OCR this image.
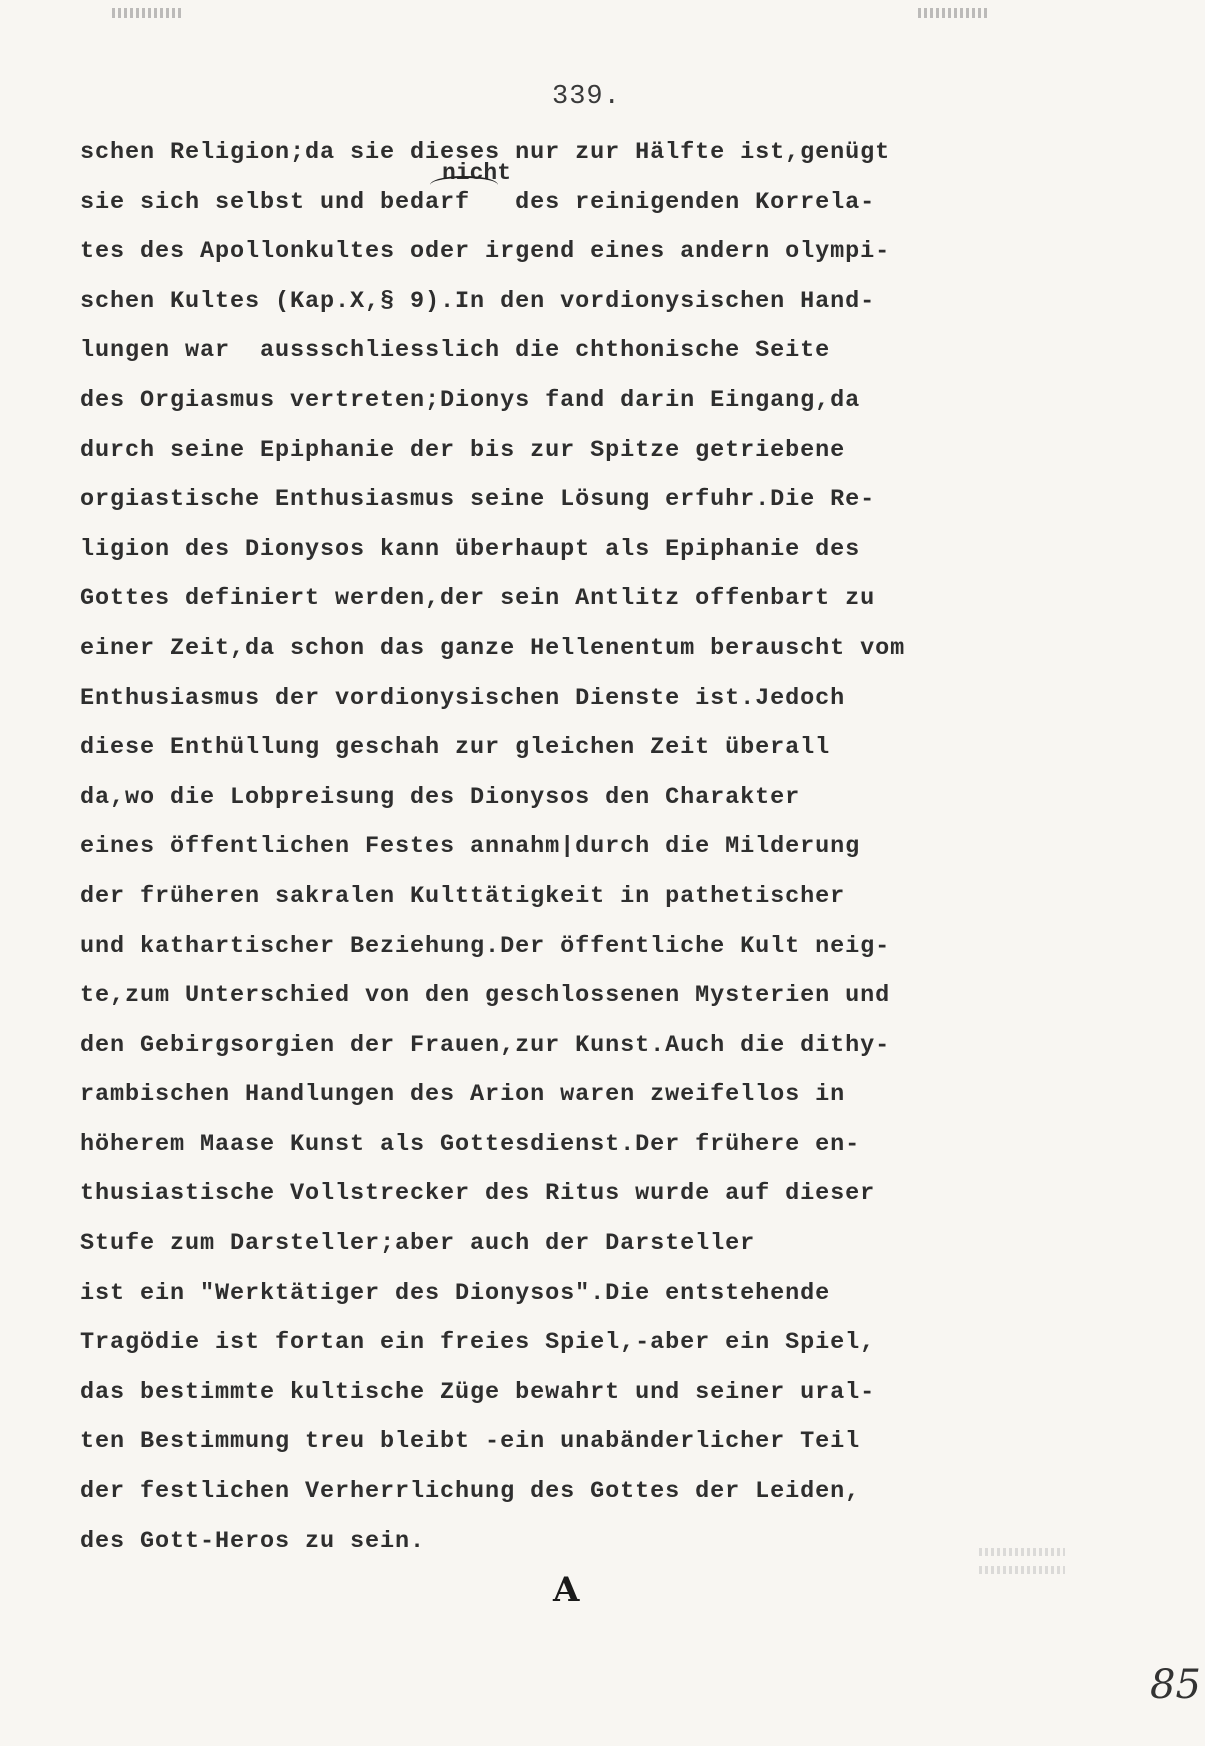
339.
nicht
schen Religion;da sie dieses nur zur Hälfte ist,genügt
sie sich selbst und bedarf   des reinigenden Korrela-
tes des Apollonkultes oder irgend eines andern olympi-
schen Kultes (Kap.X,§ 9).In den vordionysischen Hand-
lungen war  aussschliesslich die chthonische Seite
des Orgiasmus vertreten;Dionys fand darin Eingang,da
durch seine Epiphanie der bis zur Spitze getriebene
orgiastische Enthusiasmus seine Lösung erfuhr.Die Re-
ligion des Dionysos kann überhaupt als Epiphanie des
Gottes definiert werden,der sein Antlitz offenbart zu
einer Zeit,da schon das ganze Hellenentum berauscht vom
Enthusiasmus der vordionysischen Dienste ist.Jedoch
diese Enthüllung geschah zur gleichen Zeit überall
da,wo die Lobpreisung des Dionysos den Charakter
eines öffentlichen Festes annahm|durch die Milderung
der früheren sakralen Kulttätigkeit in pathetischer
und kathartischer Beziehung.Der öffentliche Kult neig-
te,zum Unterschied von den geschlossenen Mysterien und
den Gebirgsorgien der Frauen,zur Kunst.Auch die dithy-
rambischen Handlungen des Arion waren zweifellos in
höherem Maase Kunst als Gottesdienst.Der frühere en-
thusiastische Vollstrecker des Ritus wurde auf dieser
Stufe zum Darsteller;aber auch der Darsteller
ist ein "Werktätiger des Dionysos".Die entstehende
Tragödie ist fortan ein freies Spiel,-aber ein Spiel,
das bestimmte kultische Züge bewahrt und seiner ural-
ten Bestimmung treu bleibt -ein unabänderlicher Teil
der festlichen Verherrlichung des Gottes der Leiden,
des Gott-Heros zu sein.
A
85
